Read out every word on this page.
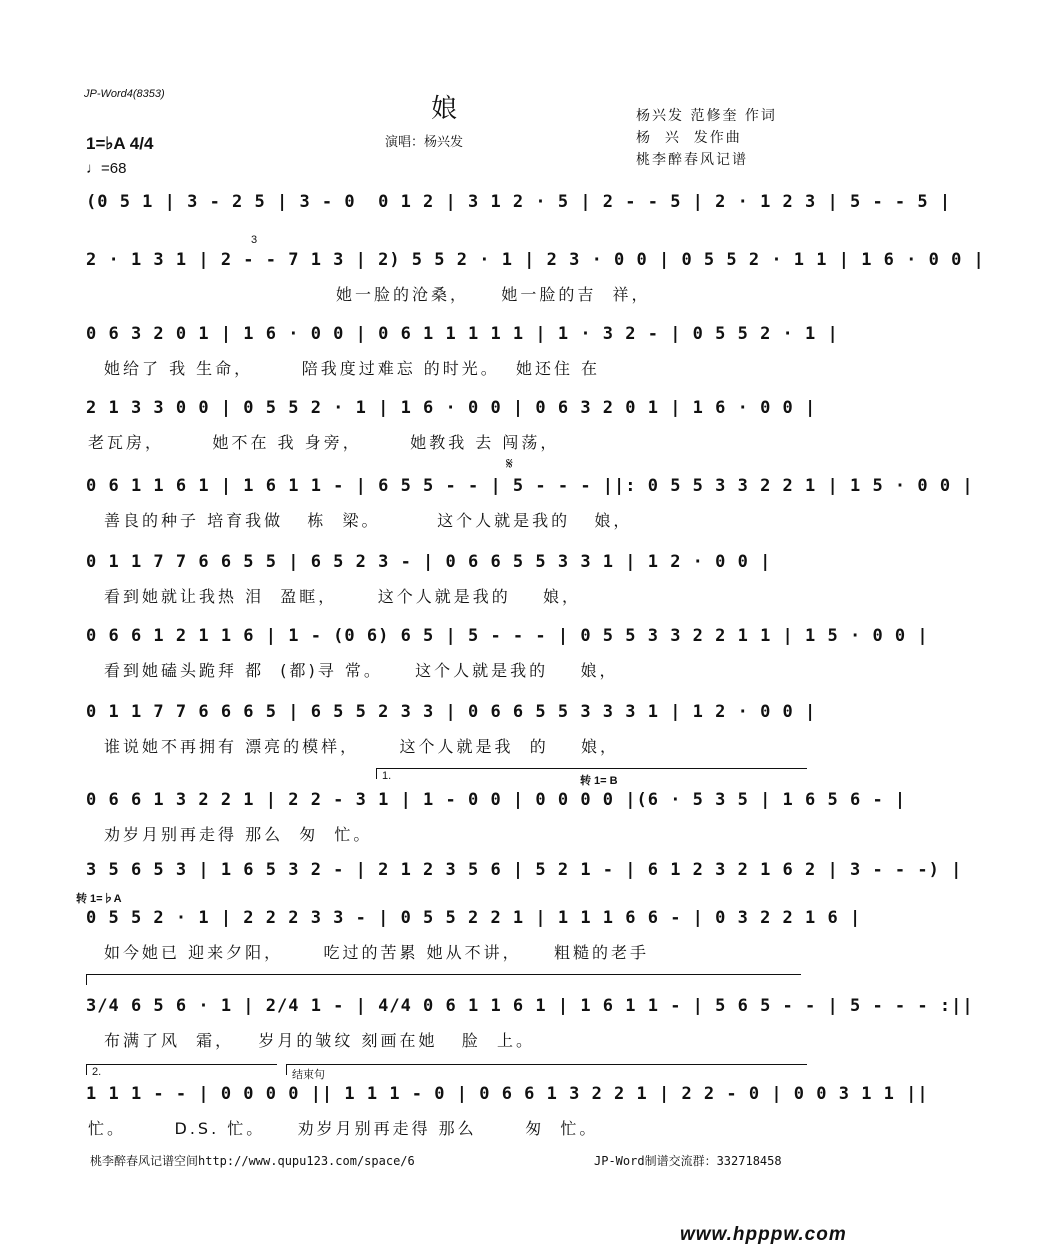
JP-Word4(8353)	娘
演唱：杨兴发
杨兴发 范修奎 作词
杨  兴  发作曲
桃李醉春风记谱
1=♭A 4/4
♩=68
(0 5 1 | 3 - 2 5 | 3 - 0  0 1 2 | 3 1 2 · 5 | 2 - - 5 | 2 · 1 2 3 | 5 - - 5 |
3
2 · 1 3 1 | 2 - - 7 1 3 | 2) 5 5 2 · 1 | 2 3 · 0 0 | 0 5 5 2 · 1 1 | 1 6 · 0 0 |
她一脸的沧桑，    她一脸的吉  祥，
0 6 3 2 0 1 | 1 6 · 0 0 | 0 6 1 1 1 1 1 | 1 · 3 2 - | 0 5 5 2 · 1 |
她给了 我 生命，      陪我度过难忘 的时光。  她还住 在
2 1 3 3 0 0 | 0 5 5 2 · 1 | 1 6 · 0 0 | 0 6 3 2 0 1 | 1 6 · 0 0 |
老瓦房，      她不在 我 身旁，      她教我 去 闯荡，
𝄋
0 6 1 1 6 1 | 1 6 1 1 - | 6 5 5 - - | 5 - - - ||: 0 5 5 3 3 2 2 1 | 1 5 · 0 0 |
善良的种子 培育我做   栋  梁。       这个人就是我的   娘，
0 1 1 7 7 6 6 5 5 | 6 5 2 3 - | 0 6 6 5 5 3 3 1 | 1 2 · 0 0 |
看到她就让我热 泪  盈眶，     这个人就是我的    娘，
0 6 6 1 2 1 1 6 | 1 - (0 6) 6 5 | 5 - - - | 0 5 5 3 3 2 2 1 1 | 1 5 · 0 0 |
看到她磕头跪拜 都  (都)寻 常。    这个人就是我的    娘，
0 1 1 7 7 6 6 6 5 | 6 5 5 2 3 3 | 0 6 6 5 5 3 3 3 1 | 1 2 · 0 0 |
谁说她不再拥有 漂亮的模样，     这个人就是我  的    娘，
1.	转 1= B
0 6 6 1 3 2 2 1 | 2 2 - 3 1 | 1 - 0 0 | 0 0 0 0 |(6 · 5 3 5 | 1 6 5 6 - |
劝岁月别再走得 那么  匆  忙。
3 5 6 5 3 | 1 6 5 3 2 - | 2 1 2 3 5 6 | 5 2 1 - | 6 1 2 3 2 1 6 2 | 3 - - -) |
转 1=♭A
0 5 5 2 · 1 | 2 2 2 3 3 - | 0 5 5 2 2 1 | 1 1 1 6 6 - | 0 3 2 2 1 6 |
如今她已 迎来夕阳，     吃过的苦累 她从不讲，    粗糙的老手
3/4 6 5 6 · 1 | 2/4 1 - | 4/4 0 6 1 1 6 1 | 1 6 1 1 - | 5 6 5 - - | 5 - - - :||
布满了风  霜，   岁月的皱纹 刻画在她   脸  上。
2.	结束句
1 1 1 - - | 0 0 0 0 || 1 1 1 - 0 | 0 6 6 1 3 2 2 1 | 2 2 - 0 | 0 0 3 1 1 ||
忙。      D.S. 忙。    劝岁月别再走得 那么      匆  忙。
桃李醉春风记谱空间http://www.qupu123.com/space/6	JP-Word制谱交流群：332718458
www.hpppw.com
